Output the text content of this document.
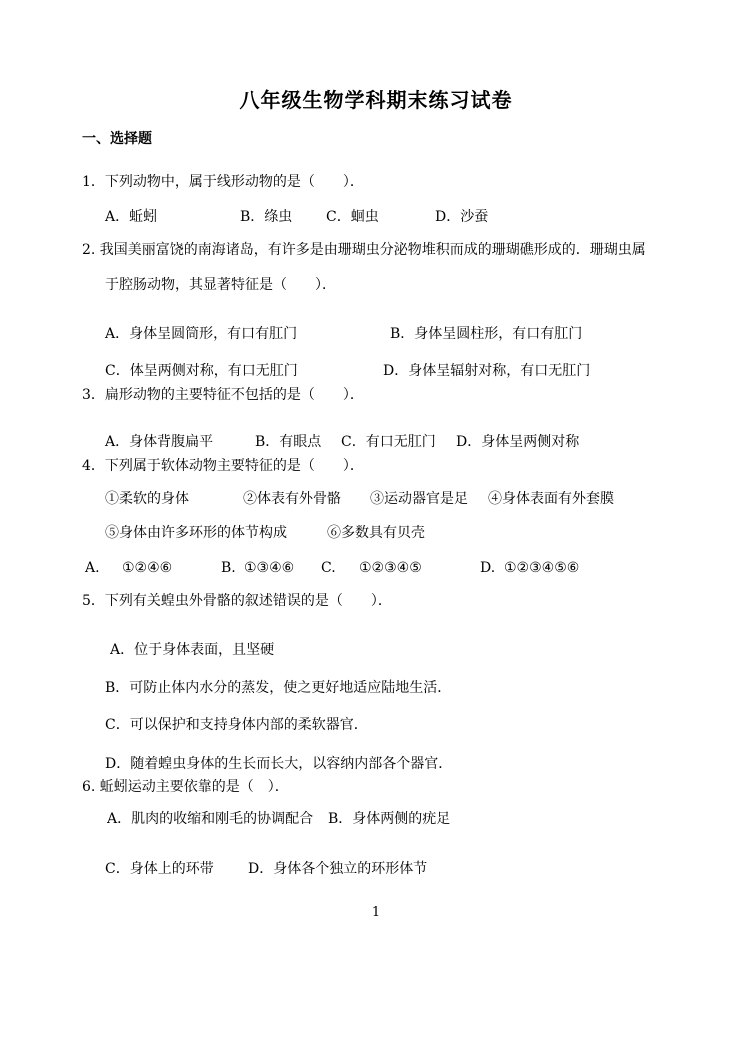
八年级生物学科期末练习试卷
一、选择题
1．下列动物中，属于线形动物的是（　　）．
A．蚯蚓	B．绦虫 C．蛔虫	D．沙蚕
2. 我国美丽富饶的南海诸岛，有许多是由珊瑚虫分泌物堆积而成的珊瑚礁形成的．珊瑚虫属
于腔肠动物，其显著特征是（　　）．
A．身体呈圆筒形，有口有肛门	B．身体呈圆柱形，有口有肛门
C．体呈两侧对称，有口无肛门	D．身体呈辐射对称，有口无肛门
3．扁形动物的主要特征不包括的是（　　）．
A．身体背腹扁平	B．有眼点 C．有口无肛门 D．身体呈两侧对称
4．下列属于软体动物主要特征的是（　　）．
①柔软的身体	②体表有外骨骼 ③运动器官是足 ④身体表面有外套膜
⑤身体由许多环形的体节构成	⑥多数具有贝壳
A. ①②④⑥	B. ①③④⑥ C. ①②③④⑤	D. ①②③④⑤⑥
5．下列有关蝗虫外骨骼的叙述错误的是（　　）．
A．位于身体表面，且坚硬
B．可防止体内水分的蒸发，使之更好地适应陆地生活．
C．可以保护和支持身体内部的柔软器官．
D．随着蝗虫身体的生长而长大，以容纳内部各个器官．
6. 蚯蚓运动主要依靠的是（　）．
A．肌肉的收缩和刚毛的协调配合 B．身体两侧的疣足
C．身体上的环带 D．身体各个独立的环形体节
1
